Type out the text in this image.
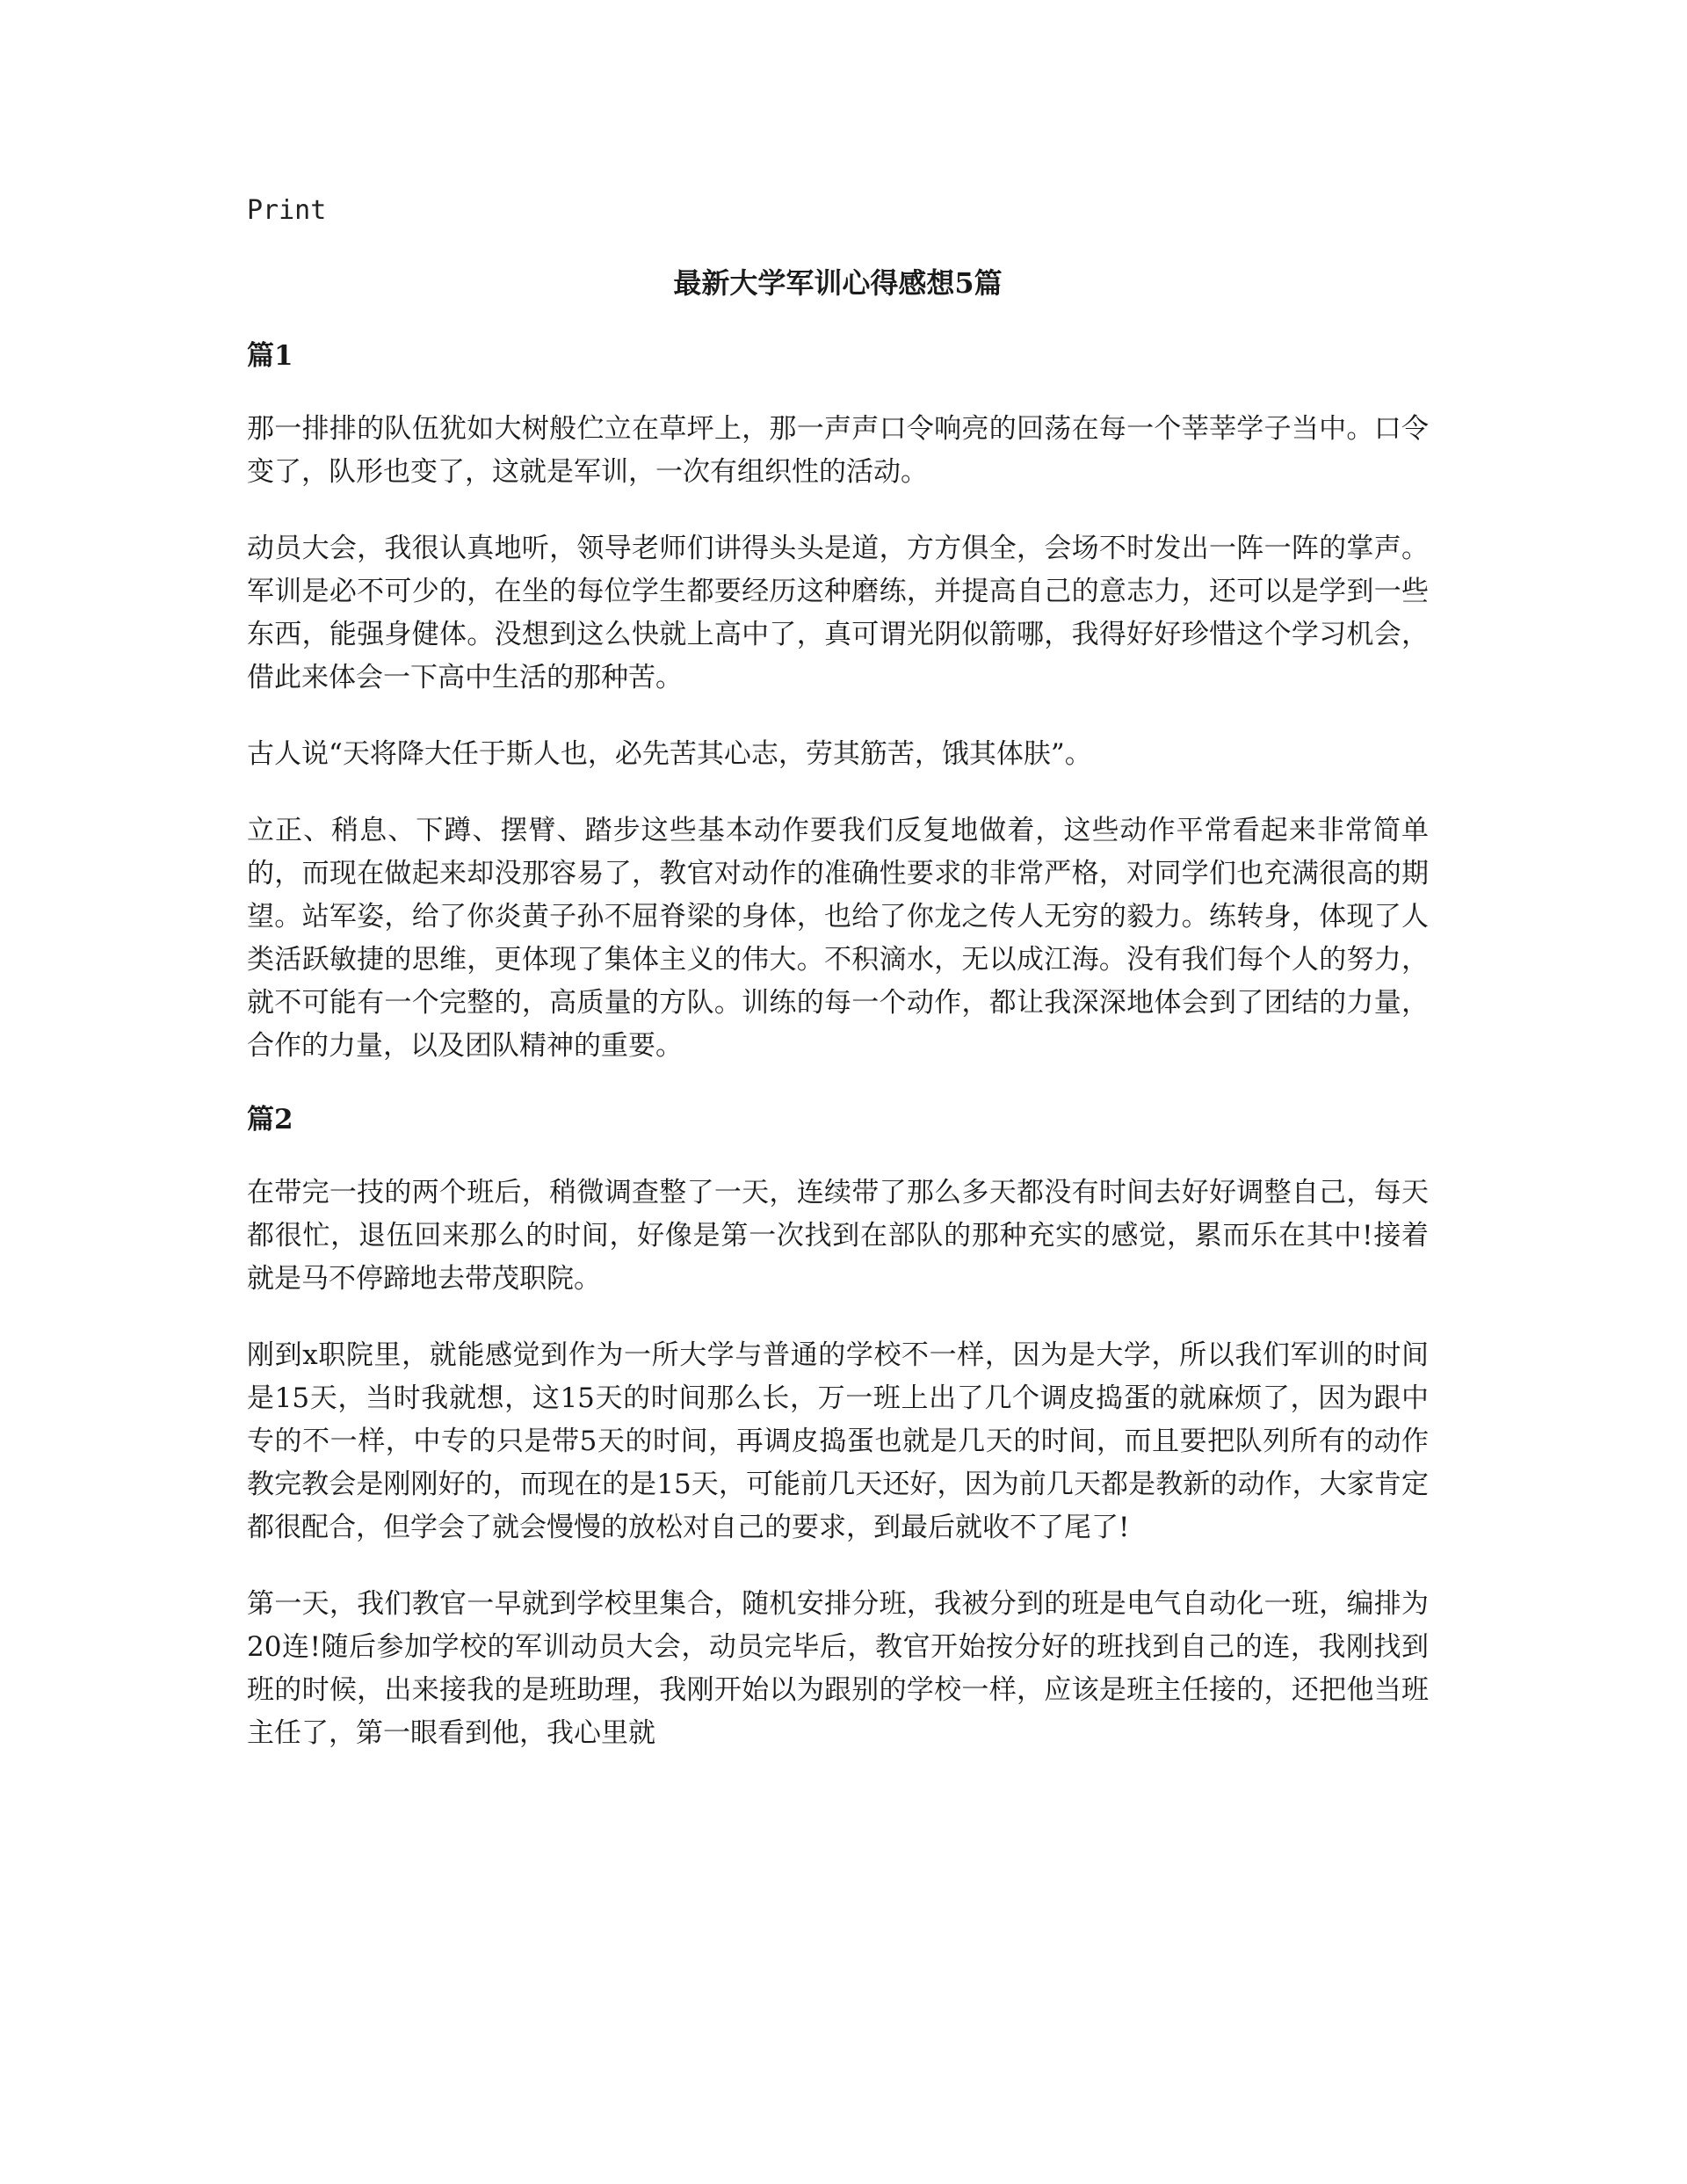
Print
最新大学军训心得感想5篇
篇1

那一排排的队伍犹如大树般伫立在草坪上，那一声声口令响亮的回荡在每一个莘莘学子当中。口令变了，队形也变了，这就是军训，一次有组织性的活动。

动员大会，我很认真地听，领导老师们讲得头头是道，方方俱全，会场不时发出一阵一阵的掌声。军训是必不可少的，在坐的每位学生都要经历这种磨练，并提高自己的意志力，还可以是学到一些东西，能强身健体。没想到这么快就上高中了，真可谓光阴似箭哪，我得好好珍惜这个学习机会，借此来体会一下高中生活的那种苦。

古人说“天将降大任于斯人也，必先苦其心志，劳其筋苦，饿其体肤”。

立正、稍息、下蹲、摆臂、踏步这些基本动作要我们反复地做着，这些动作平常看起来非常简单的，而现在做起来却没那容易了，教官对动作的准确性要求的非常严格，对同学们也充满很高的期望。站军姿，给了你炎黄子孙不屈脊梁的身体，也给了你龙之传人无穷的毅力。练转身，体现了人类活跃敏捷的思维，更体现了集体主义的伟大。不积滴水，无以成江海。没有我们每个人的努力，就不可能有一个完整的，高质量的方队。训练的每一个动作，都让我深深地体会到了团结的力量，合作的力量，以及团队精神的重要。

篇2

在带完一技的两个班后，稍微调查整了一天，连续带了那么多天都没有时间去好好调整自己，每天都很忙，退伍回来那么的时间，好像是第一次找到在部队的那种充实的感觉，累而乐在其中!接着就是马不停蹄地去带茂职院。

刚到x职院里，就能感觉到作为一所大学与普通的学校不一样，因为是大学，所以我们军训的时间是15天，当时我就想，这15天的时间那么长，万一班上出了几个调皮捣蛋的就麻烦了，因为跟中专的不一样，中专的只是带5天的时间，再调皮捣蛋也就是几天的时间，而且要把队列所有的动作教完教会是刚刚好的，而现在的是15天，可能前几天还好，因为前几天都是教新的动作，大家肯定都很配合，但学会了就会慢慢的放松对自己的要求，到最后就收不了尾了!

第一天，我们教官一早就到学校里集合，随机安排分班，我被分到的班是电气自动化一班，编排为20连!随后参加学校的军训动员大会，动员完毕后，教官开始按分好的班找到自己的连，我刚找到班的时候，出来接我的是班助理，我刚开始以为跟别的学校一样，应该是班主任接的，还把他当班主任了，第一眼看到他，我心里就
